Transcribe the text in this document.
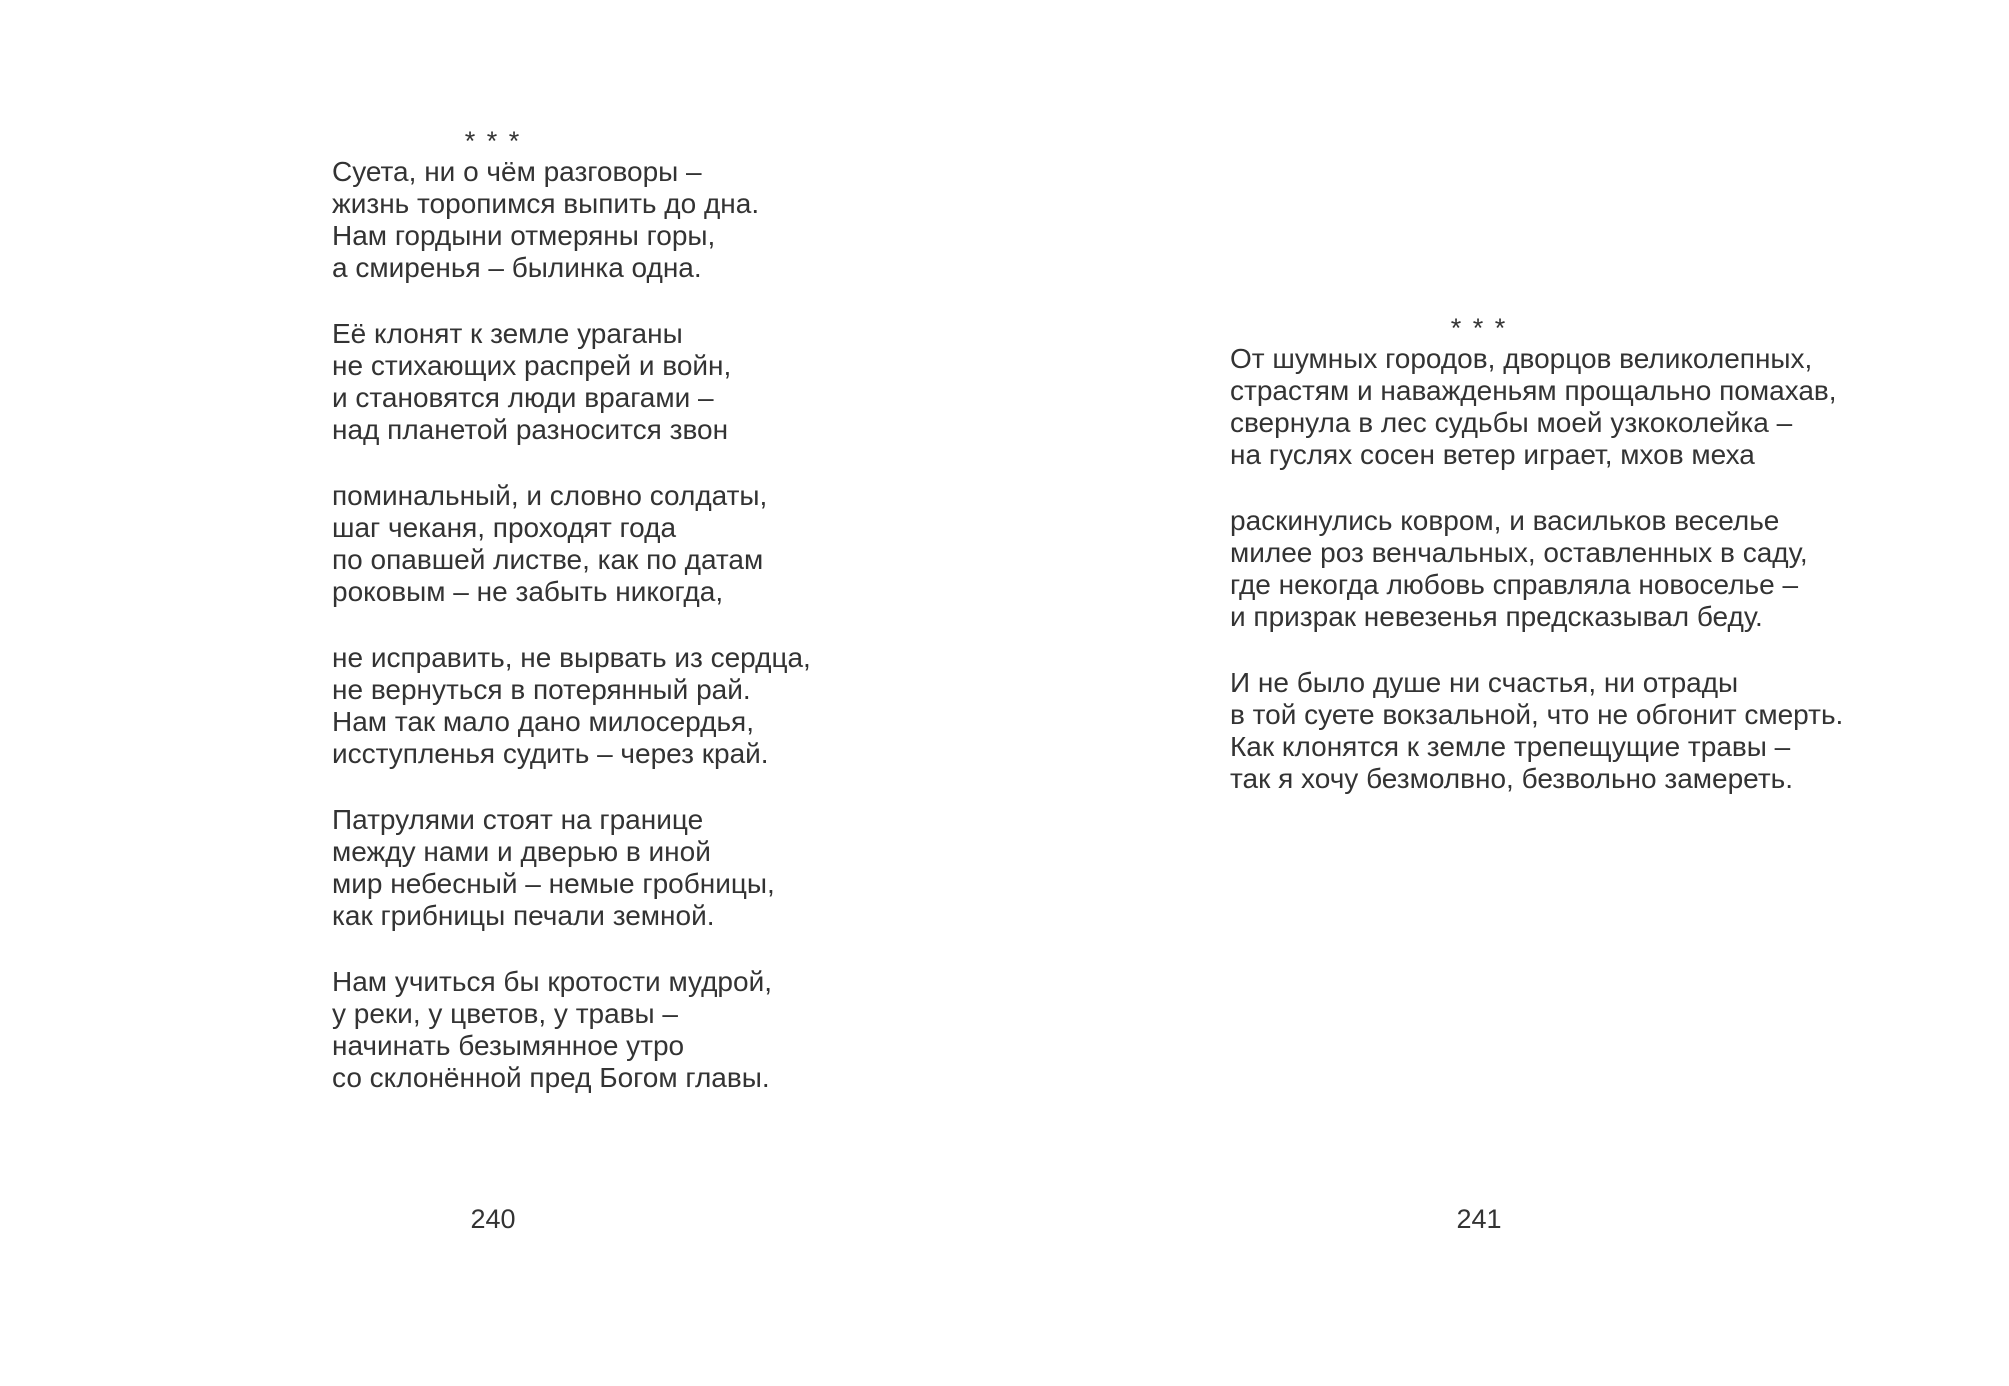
* * *
Суета, ни о чём разговоры –
жизнь торопимся выпить до дна.
Нам гордыни отмеряны горы,
а смиренья – былинка одна.
Её клонят к земле ураганы
не стихающих распрей и войн,
и становятся люди врагами –
над планетой разносится звон
поминальный, и словно солдаты,
шаг чеканя, проходят года
по опавшей листве, как по датам
роковым – не забыть никогда,
не исправить, не вырвать из сердца,
не вернуться в потерянный рай.
Нам так мало дано милосердья,
исступленья судить – через край.
Патрулями стоят на границе
между нами и дверью в иной
мир небесный – немые гробницы,
как грибницы печали земной.
Нам учиться бы кротости мудрой,
у реки, у цветов, у травы –
начинать безымянное утро
со склонённой пред Богом главы.
240
* * *
От шумных городов, дворцов великолепных,
страстям и наважденьям прощально помахав,
свернула в лес судьбы моей узкоколейка –
на гуслях сосен ветер играет, мхов меха
раскинулись ковром, и васильков веселье
милее роз венчальных, оставленных в саду,
где некогда любовь справляла новоселье –
и призрак невезенья предсказывал беду.
И не было душе ни счастья, ни отрады
в той суете вокзальной, что не обгонит смерть.
Как клонятся к земле трепещущие травы –
так я хочу безмолвно, безвольно замереть.
241
